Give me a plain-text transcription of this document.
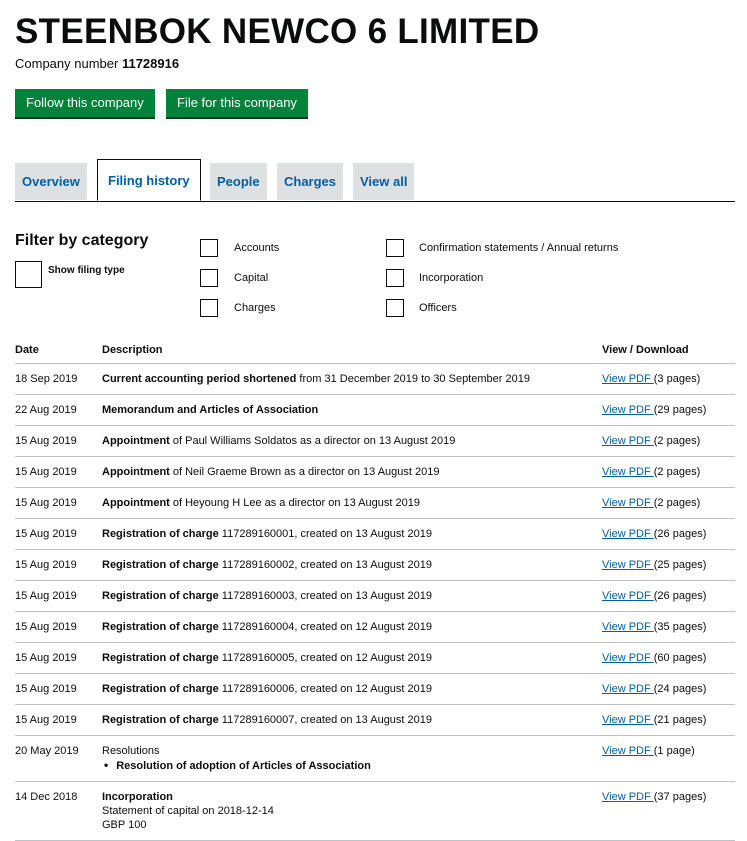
STEENBOK NEWCO 6 LIMITED
Company number 11728916
Follow this company	File for this company
Overview	Filing history	People	Charges	View all
Filter by category
Show filing type
Accounts
Capital
Charges
Confirmation statements / Annual returns
Incorporation
Officers
Date	Description	View / Download
18 Sep 2019	Current accounting period shortened from 31 December 2019 to 30 September 2019	View PDF (3 pages)
22 Aug 2019	Memorandum and Articles of Association	View PDF (29 pages)
15 Aug 2019	Appointment of Paul Williams Soldatos as a director on 13 August 2019	View PDF (2 pages)
15 Aug 2019	Appointment of Neil Graeme Brown as a director on 13 August 2019	View PDF (2 pages)
15 Aug 2019	Appointment of Heyoung H Lee as a director on 13 August 2019	View PDF (2 pages)
15 Aug 2019	Registration of charge 117289160001, created on 13 August 2019	View PDF (26 pages)
15 Aug 2019	Registration of charge 117289160002, created on 13 August 2019	View PDF (25 pages)
15 Aug 2019	Registration of charge 117289160003, created on 13 August 2019	View PDF (26 pages)
15 Aug 2019	Registration of charge 117289160004, created on 12 August 2019	View PDF (35 pages)
15 Aug 2019	Registration of charge 117289160005, created on 12 August 2019	View PDF (60 pages)
15 Aug 2019	Registration of charge 117289160006, created on 12 August 2019	View PDF (24 pages)
15 Aug 2019	Registration of charge 117289160007, created on 13 August 2019	View PDF (21 pages)
20 May 2019	Resolutions
• Resolution of adoption of Articles of Association	View PDF (1 page)
14 Dec 2018	Incorporation
Statement of capital on 2018-12-14
GBP 100	View PDF (37 pages)
